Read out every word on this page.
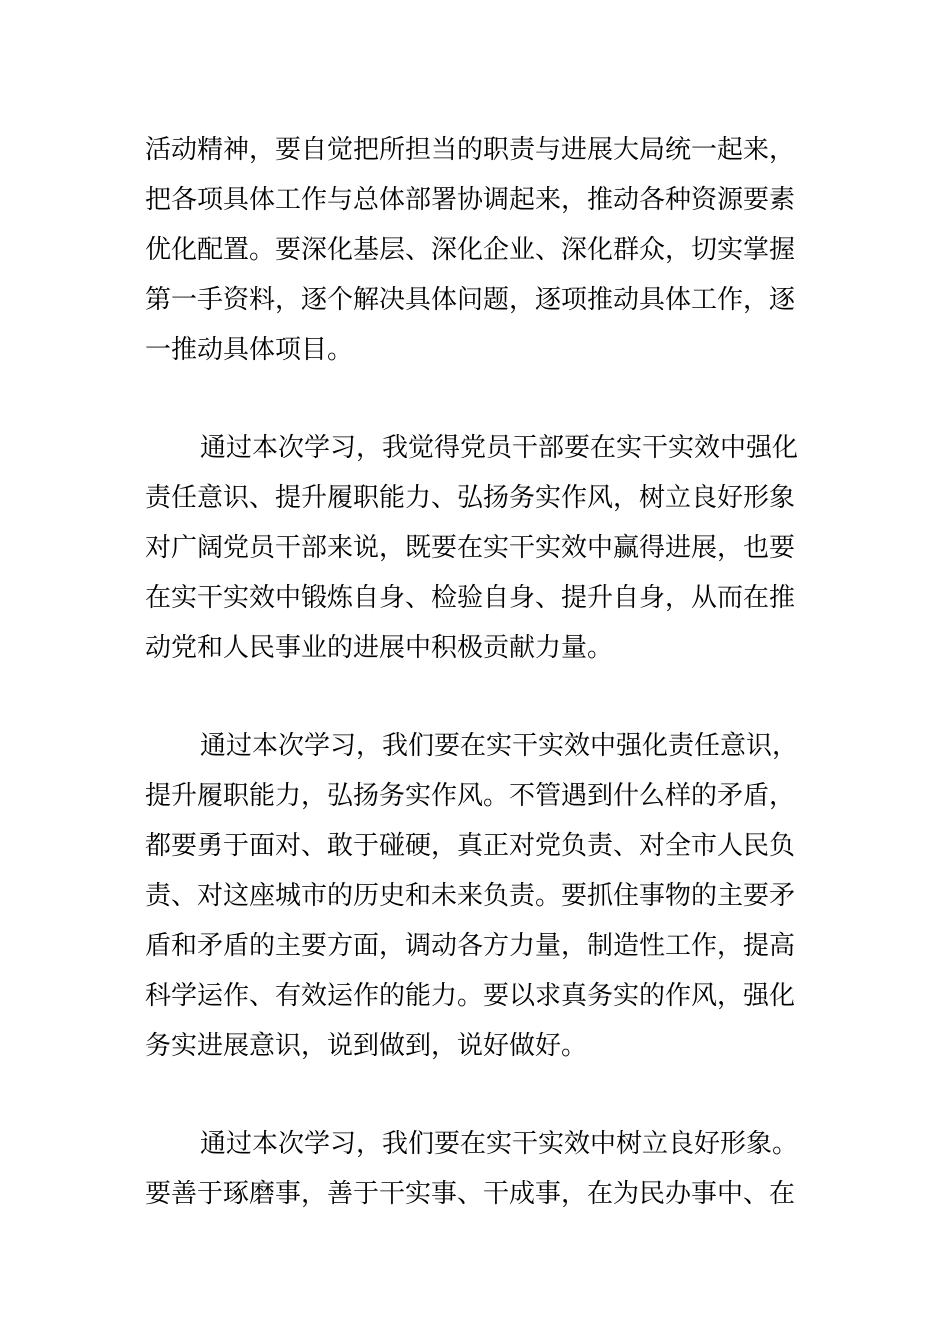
活动精神，要自觉把所担当的职责与进展大局统一起来，
把各项具体工作与总体部署协调起来，推动各种资源要素
优化配置。要深化基层、深化企业、深化群众，切实掌握
第一手资料，逐个解决具体问题，逐项推动具体工作，逐
一推动具体项目。
通过本次学习，我觉得党员干部要在实干实效中强化
责任意识、提升履职能力、弘扬务实作风，树立良好形象
对广阔党员干部来说，既要在实干实效中赢得进展，也要
在实干实效中锻炼自身、检验自身、提升自身，从而在推
动党和人民事业的进展中积极贡献力量。
通过本次学习，我们要在实干实效中强化责任意识，
提升履职能力，弘扬务实作风。不管遇到什么样的矛盾，
都要勇于面对、敢于碰硬，真正对党负责、对全市人民负
责、对这座城市的历史和未来负责。要抓住事物的主要矛
盾和矛盾的主要方面，调动各方力量，制造性工作，提高
科学运作、有效运作的能力。要以求真务实的作风，强化
务实进展意识，说到做到，说好做好。
通过本次学习，我们要在实干实效中树立良好形象。
要善于琢磨事，善于干实事、干成事，在为民办事中、在
